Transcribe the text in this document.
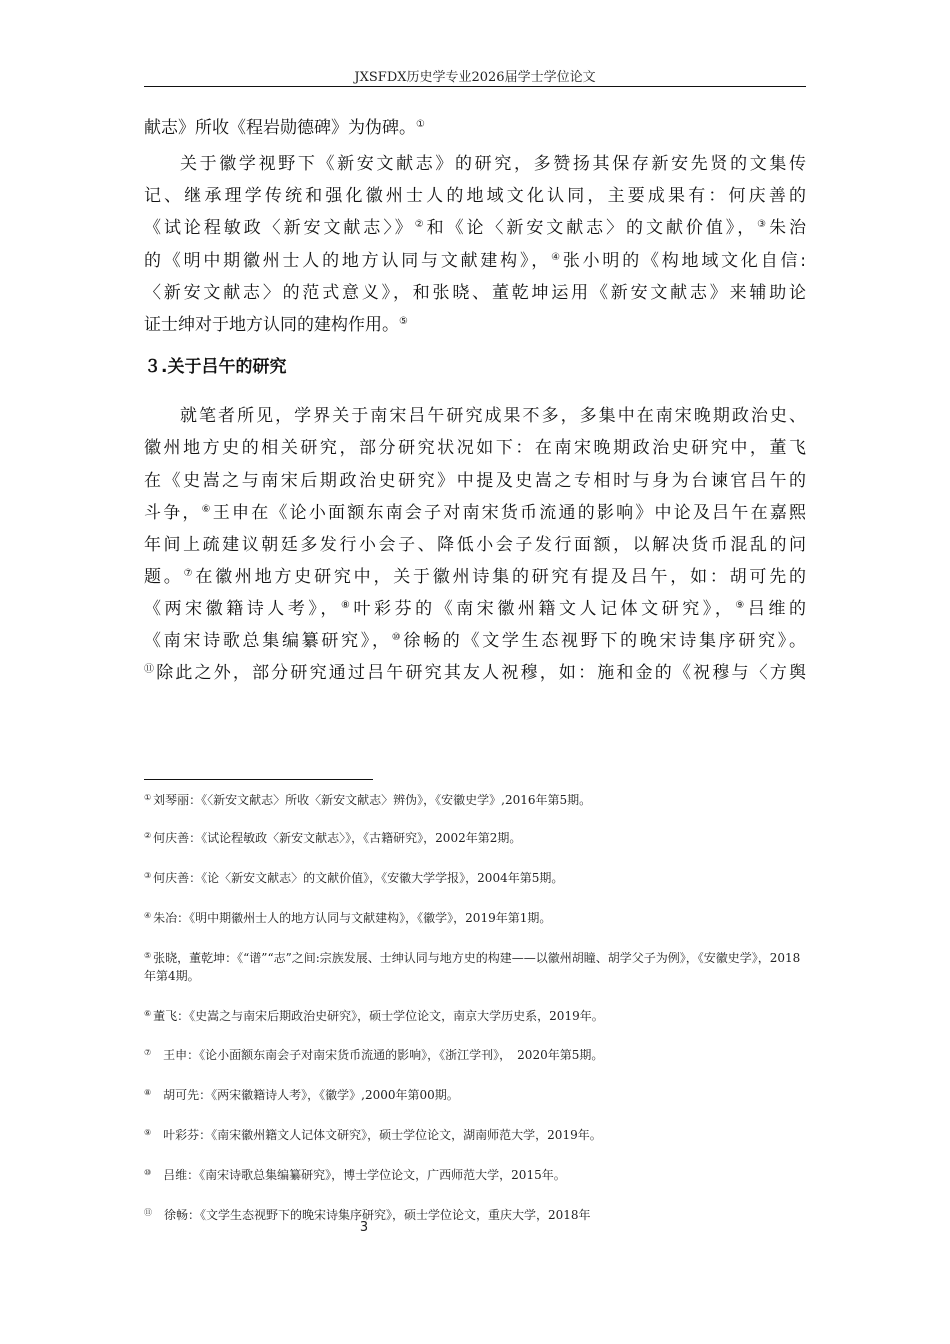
JXSFDX历史学专业2026届学士学位论文
献志》所收《程岩勋德碑》为伪碑。①
关于徽学视野下《新安文献志》的研究，多赞扬其保存新安先贤的文集传
记、继承理学传统和强化徽州士人的地域文化认同，主要成果有：何庆善的
《试论程敏政〈新安文献志〉》②和《论〈新安文献志〉的文献价值》，③朱治
的《明中期徽州士人的地方认同与文献建构》，④张小明的《构地域文化自信:
〈新安文献志〉的范式意义》，和张晓、董乾坤运用《新安文献志》来辅助论
证士绅对于地方认同的建构作用。⑤
３.关于吕午的研究
就笔者所见，学界关于南宋吕午研究成果不多，多集中在南宋晚期政治史、
徽州地方史的相关研究，部分研究状况如下：在南宋晚期政治史研究中，董飞
在《史嵩之与南宋后期政治史研究》中提及史嵩之专相时与身为台谏官吕午的
斗争，⑥王申在《论小面额东南会子对南宋货币流通的影响》中论及吕午在嘉熙
年间上疏建议朝廷多发行小会子、降低小会子发行面额，以解决货币混乱的问
题。⑦在徽州地方史研究中，关于徽州诗集的研究有提及吕午，如：胡可先的
《两宋徽籍诗人考》，⑧叶彩芬的《南宋徽州籍文人记体文研究》，⑨吕维的
《南宋诗歌总集编纂研究》，⑩徐畅的《文学生态视野下的晚宋诗集序研究》。
⑪除此之外，部分研究通过吕午研究其友人祝穆，如：施和金的《祝穆与〈方舆
① 刘琴丽：《〈新安文献志〉所收〈新安文献志〉辨伪》，《安徽史学》,2016年第5期。
② 何庆善：《试论程敏政〈新安文献志〉》，《古籍研究》，2002年第2期。
③ 何庆善：《论〈新安文献志〉的文献价值》，《安徽大学学报》，2004年第5期。
④ 朱冶：《明中期徽州士人的地方认同与文献建构》，《徽学》，2019年第1期。
⑤ 张晓，董乾坤：《“谱”“志”之间:宗族发展、士绅认同与地方史的构建——以徽州胡瞳、胡学父子为例》，《安徽史学》，2018年第4期。
⑥ 董飞：《史嵩之与南宋后期政治史研究》，硕士学位论文，南京大学历史系，2019年。
⑦ 王申：《论小面额东南会子对南宋货币流通的影响》，《浙江学刊》，　2020年第5期。
⑧ 胡可先：《两宋徽籍诗人考》，《徽学》,2000年第00期。
⑨ 叶彩芬：《南宋徽州籍文人记体文研究》，硕士学位论文，湖南师范大学，2019年。
⑩ 吕维：《南宋诗歌总集编纂研究》，博士学位论文，广西师范大学，2015年。
⑪ 徐畅：《文学生态视野下的晚宋诗集序研究》，硕士学位论文，重庆大学，2018年
3
